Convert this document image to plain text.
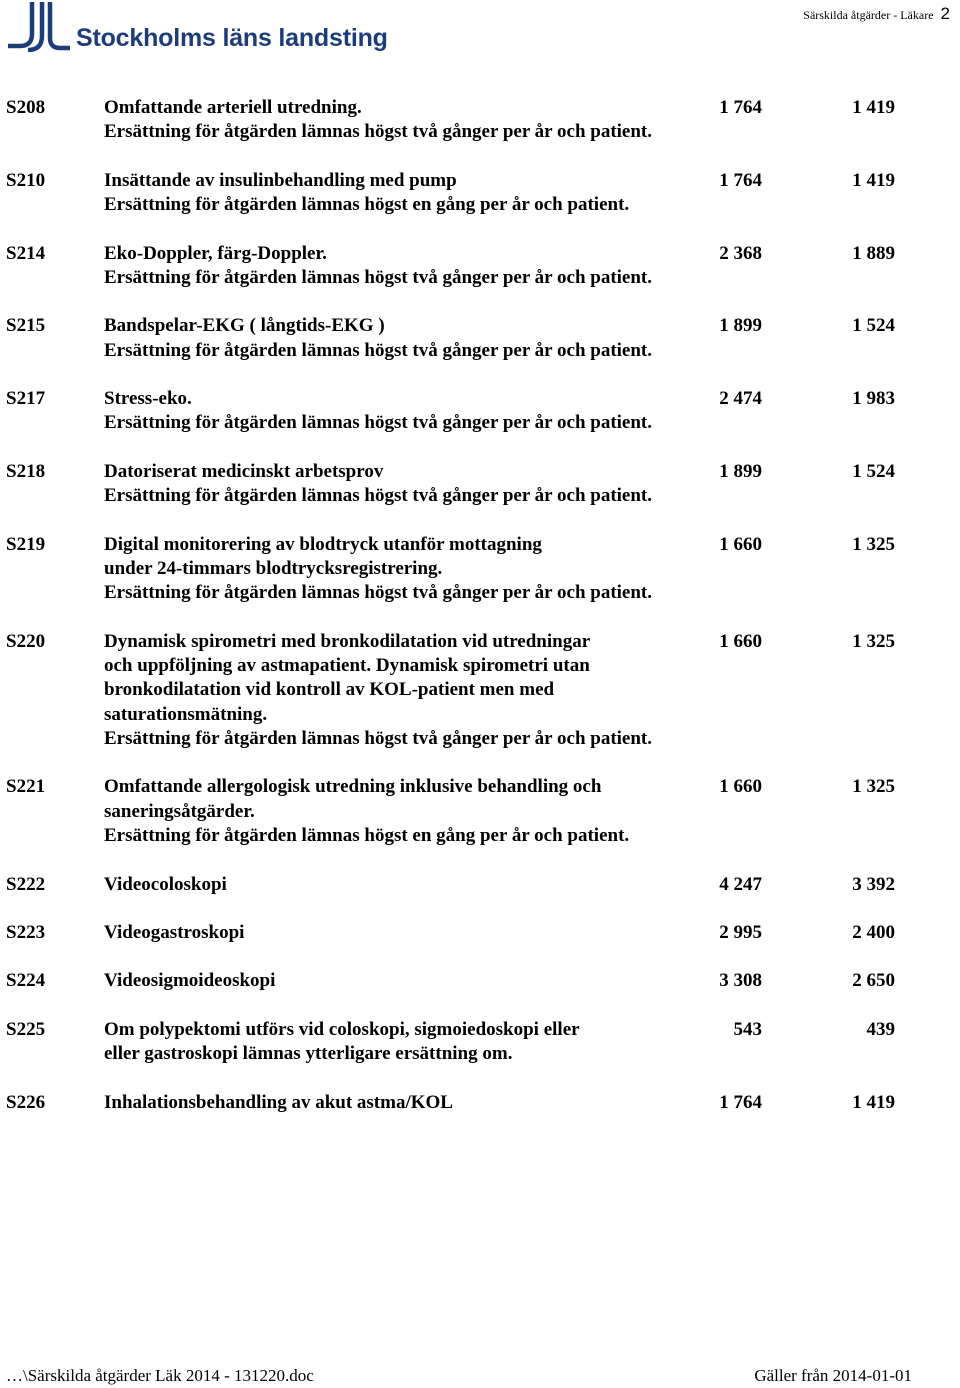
Stockholms läns landsting
Särskilda åtgärder - Läkare 2
S208	Omfattande arteriell utredning.
Ersättning för åtgärden lämnas högst två gånger per år och patient.
1 764	1 419
S210	Insättande av insulinbehandling med pump
Ersättning för åtgärden lämnas högst en gång per år och patient.
1 764	1 419
S214	Eko-Doppler, färg-Doppler.
Ersättning för åtgärden lämnas högst två gånger per år och patient.
2 368	1 889
S215	Bandspelar-EKG ( långtids-EKG )
Ersättning för åtgärden lämnas högst två gånger per år och patient.
1 899	1 524
S217	Stress-eko.
Ersättning för åtgärden lämnas högst två gånger per år och patient.
2 474	1 983
S218	Datoriserat medicinskt arbetsprov
Ersättning för åtgärden lämnas högst två gånger per år och patient.
1 899	1 524
S219	Digital monitorering av blodtryck utanför mottagning
under 24-timmars blodtrycksregistrering.
Ersättning för åtgärden lämnas högst två gånger per år och patient.
1 660	1 325
S220	Dynamisk spirometri med bronkodilatation vid utredningar
och uppföljning av astmapatient. Dynamisk spirometri utan
bronkodilatation vid kontroll av KOL-patient men med
saturationsmätning.
Ersättning för åtgärden lämnas högst två gånger per år och patient.
1 660	1 325
S221	Omfattande allergologisk utredning inklusive behandling och
saneringsåtgärder.
Ersättning för åtgärden lämnas högst en gång per år och patient.
1 660	1 325
S222	Videocoloskopi	4 247	3 392
S223	Videogastroskopi	2 995	2 400
S224	Videosigmoideoskopi	3 308	2 650
S225	Om polypektomi utförs vid coloskopi, sigmoiedoskopi eller
eller gastroskopi lämnas ytterligare ersättning om.
543	439
S226	Inhalationsbehandling av akut astma/KOL	1 764	1 419
…\Särskilda åtgärder Läk 2014 - 131220.doc	Gäller från 2014-01-01
